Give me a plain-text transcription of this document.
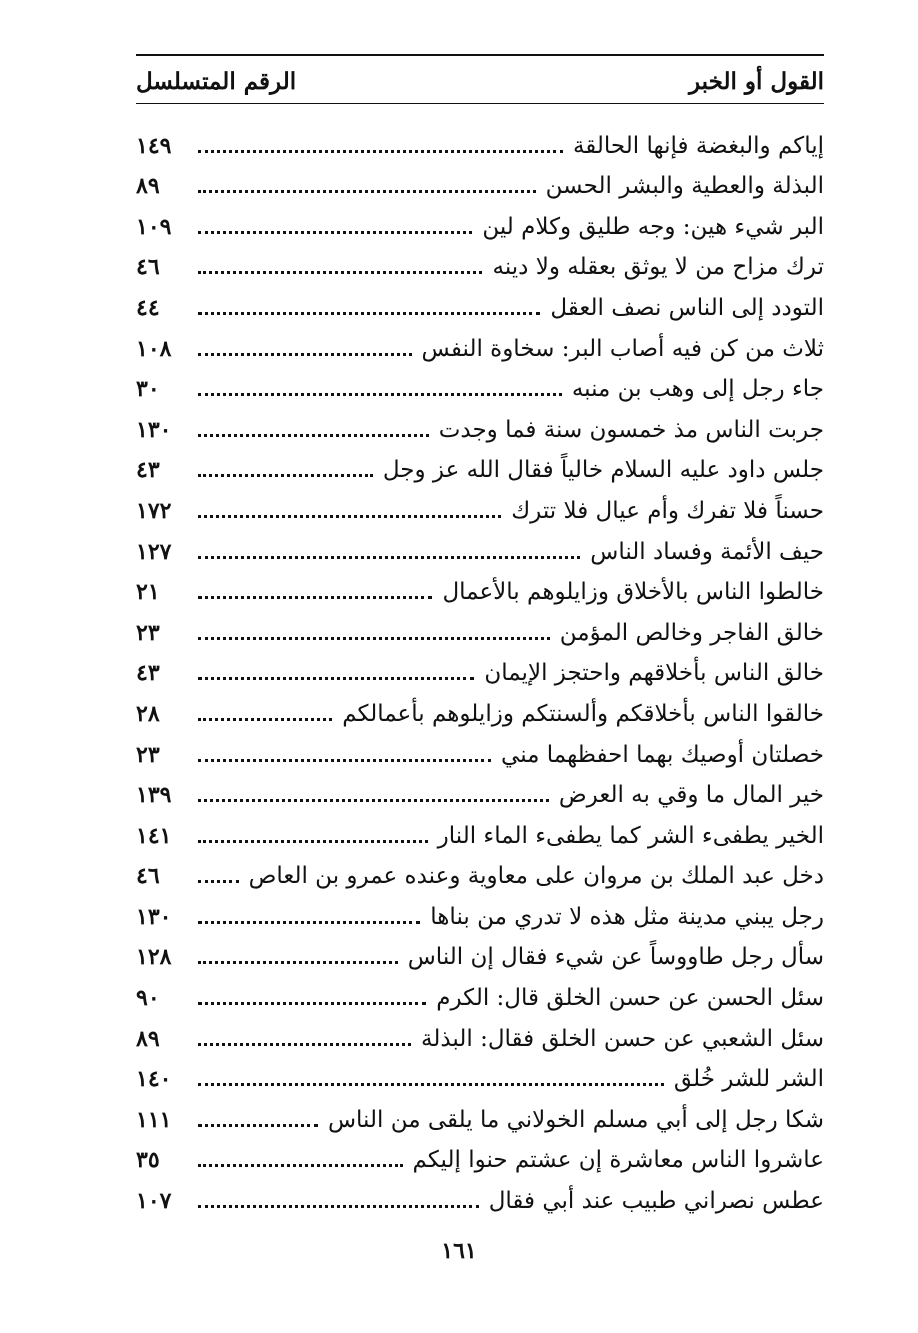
القول أو الخبر
الرقم المتسلسل
إياكم والبغضة فإنها الحالقة
١٤٩
البذلة والعطية والبشر الحسن
٨٩
البر شيء هين: وجه طليق وكلام لين
١٠٩
ترك مزاح من لا يوثق بعقله ولا دينه
٤٦
التودد إلى الناس نصف العقل
٤٤
ثلاث من كن فيه أصاب البر: سخاوة النفس
١٠٨
جاء رجل إلى وهب بن منبه
٣٠
جربت الناس مذ خمسون سنة فما وجدت
١٣٠
جلس داود عليه السلام خالياً فقال الله عز وجل
٤٣
حسناً فلا تفرك وأم عيال فلا تترك
١٧٢
حيف الأئمة وفساد الناس
١٢٧
خالطوا الناس بالأخلاق وزايلوهم بالأعمال
٢١
خالق الفاجر وخالص المؤمن
٢٣
خالق الناس بأخلاقهم واحتجز الإيمان
٤٣
خالقوا الناس بأخلاقكم وألسنتكم وزايلوهم بأعمالكم
٢٨
خصلتان أوصيك بهما احفظهما مني
٢٣
خير المال ما وقي به العرض
١٣٩
الخير يطفىء الشر كما يطفىء الماء النار
١٤١
دخل عبد الملك بن مروان على معاوية وعنده عمرو بن العاص
٤٦
رجل يبني مدينة مثل هذه لا تدري من بناها
١٣٠
سأل رجل طاووساً عن شيء فقال إن الناس
١٢٨
سئل الحسن عن حسن الخلق قال: الكرم
٩٠
سئل الشعبي عن حسن الخلق فقال: البذلة
٨٩
الشر للشر خُلق
١٤٠
شكا رجل إلى أبي مسلم الخولاني ما يلقى من الناس
١١١
عاشروا الناس معاشرة إن عشتم حنوا إليكم
٣٥
عطس نصراني طبيب عند أبي فقال
١٠٧
١٦١
